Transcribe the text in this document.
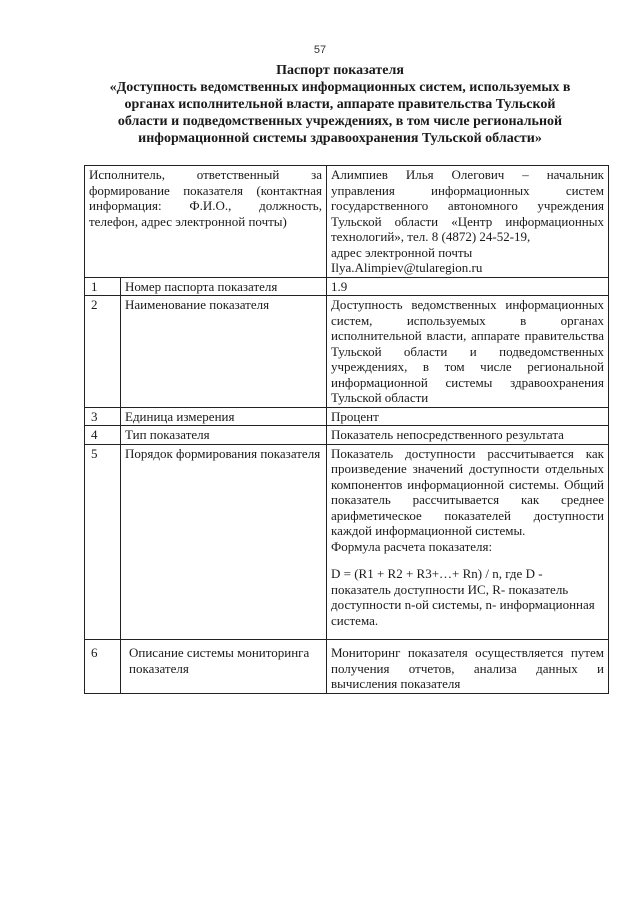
57
Паспорт показателя
«Доступность ведомственных информационных систем, используемых в
органах исполнительной власти, аппарате правительства Тульской
области и подведомственных учреждениях, в том числе региональной
информационной системы здравоохранения Тульской области»
Исполнитель, ответственный за формирование показателя (контактная информация: Ф.И.О., должность, телефон, адрес электронной почты)		Алимпиев Илья Олегович – начальник управления информационных систем государственного автономного учреждения Тульской области «Центр информационных технологий», тел. 8 (4872) 24-52-19,
адрес электронной почты
Ilya.Alimpiev@tularegion.ru

1	Номер паспорта показателя	1.9
2	Наименование показателя	Доступность ведомственных информационных систем, используемых в органах исполнительной власти, аппарате правительства Тульской области и подведомственных учреждениях, в том числе региональной информационной системы здравоохранения Тульской области
3	Единица измерения	Процент
4	Тип показателя	Показатель непосредственного результата
5	Порядок формирования показателя	Показатель доступности рассчитывается как произведение значений доступности отдельных компонентов информационной системы. Общий показатель рассчитывается как среднее арифметическое показателей доступности каждой информационной системы.
Формула расчета показателя:
D = (R1 + R2 + R3+…+ Rn) / n, где D - показатель доступности ИС, R- показатель доступности n-ой системы, n- информационная система.

6	Описание системы мониторинга показателя	Мониторинг показателя осуществляется путем получения отчетов, анализа данных и вычисления показателя
